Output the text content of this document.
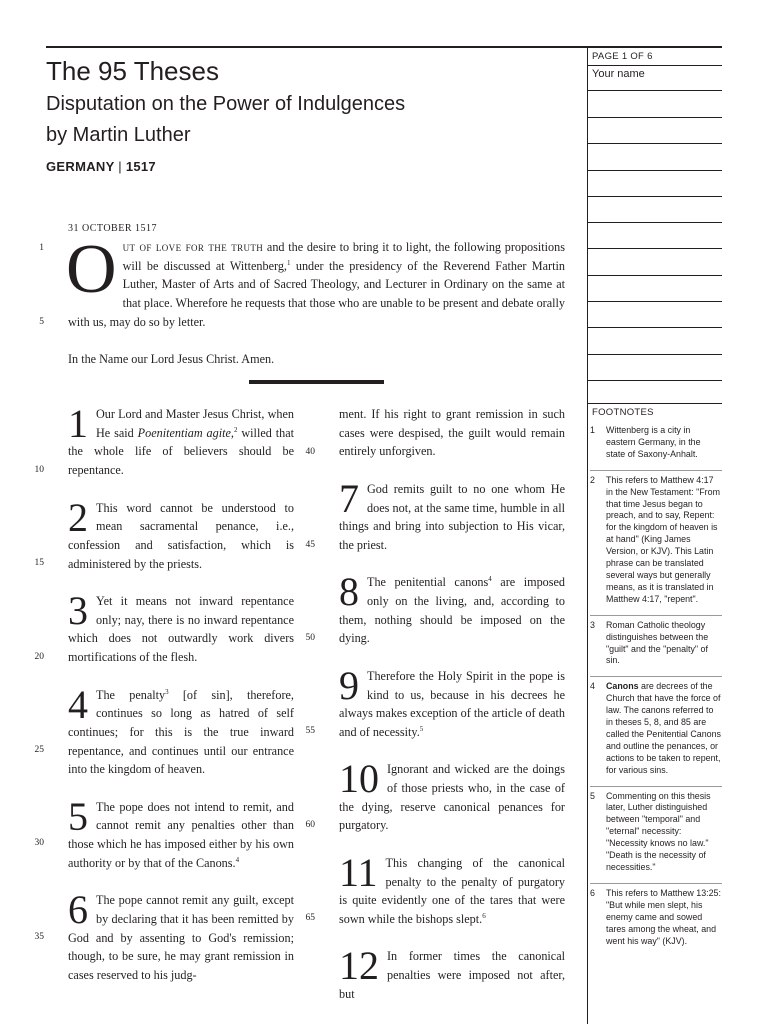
The 95 Theses
Disputation on the Power of Indulgences
by Martin Luther
GERMANY | 1517
PAGE 1 OF 6
Your name
FOOTNOTES
1 Wittenberg is a city in eastern Germany, in the state of Saxony-Anhalt.
2 This refers to Matthew 4:17 in the New Testament: "From that time Jesus began to preach, and to say, Repent: for the kingdom of heaven is at hand" (King James Version, or KJV). This Latin phrase can be translated several ways but generally means, as it is translated in Matthew 4:17, "repent".
3 Roman Catholic theology distinguishes between the "guilt" and the "penalty" of sin.
4 Canons are decrees of the Church that have the force of law. The canons referred to in theses 5, 8, and 85 are called the Penitential Canons and outline the penances, or actions to be taken to repent, for various sins.
5 Commenting on this thesis later, Luther distinguished between "temporal" and "eternal" necessity: "Necessity knows no law." "Death is the necessity of necessities."
6 This refers to Matthew 13:25: "But while men slept, his enemy came and sowed tares among the wheat, and went his way" (KJV).
31 OCTOBER 1517
Out of love for the truth and the desire to bring it to light, the following propositions will be discussed at Wittenberg,$^1$ under the presidency of the Reverend Father Martin Luther, Master of Arts and of Sacred Theology, and Lecturer in Ordinary on the same at that place. Wherefore he requests that those who are unable to be present and debate orally with us, may do so by letter.
In the Name our Lord Jesus Christ. Amen.
1
5
10
15
20
25
30
35
40
45
50
55
60
65

1 Our Lord and Master Jesus Christ, when He said Poenitentiam agite,$^2$ willed that the whole life of believers should be repentance.

2 This word cannot be understood to mean sacramental penance, i.e., confession and satisfaction, which is administered by the priests.

3 Yet it means not inward repentance only; nay, there is no inward repentance which does not outwardly work divers mortifications of the flesh.

4 The penalty$^3$ [of sin], therefore, continues so long as hatred of self continues; for this is the true inward repentance, and continues until our entrance into the kingdom of heaven.

5 The pope does not intend to remit, and cannot remit any penalties other than those which he has imposed either by his own authority or by that of the Canons.$^4$

6 The pope cannot remit any guilt, except by declaring that it has been remitted by God and by assenting to God's remission; though, to be sure, he may grant remission in cases reserved to his judg-

ment. If his right to grant remission in such cases were despised, the guilt would remain entirely unforgiven.

7 God remits guilt to no one whom He does not, at the same time, humble in all things and bring into subjection to His vicar, the priest.

8 The penitential canons$^4$ are imposed only on the living, and, according to them, nothing should be imposed on the dying.

9 Therefore the Holy Spirit in the pope is kind to us, because in his decrees he always makes exception of the article of death and of necessity.$^5$

10 Ignorant and wicked are the doings of those priests who, in the case of the dying, reserve canonical penances for purgatory.

11 This changing of the canonical penalty to the penalty of purgatory is quite evidently one of the tares that were sown while the bishops slept.$^6$

12 In former times the canonical penalties were imposed not after, but
